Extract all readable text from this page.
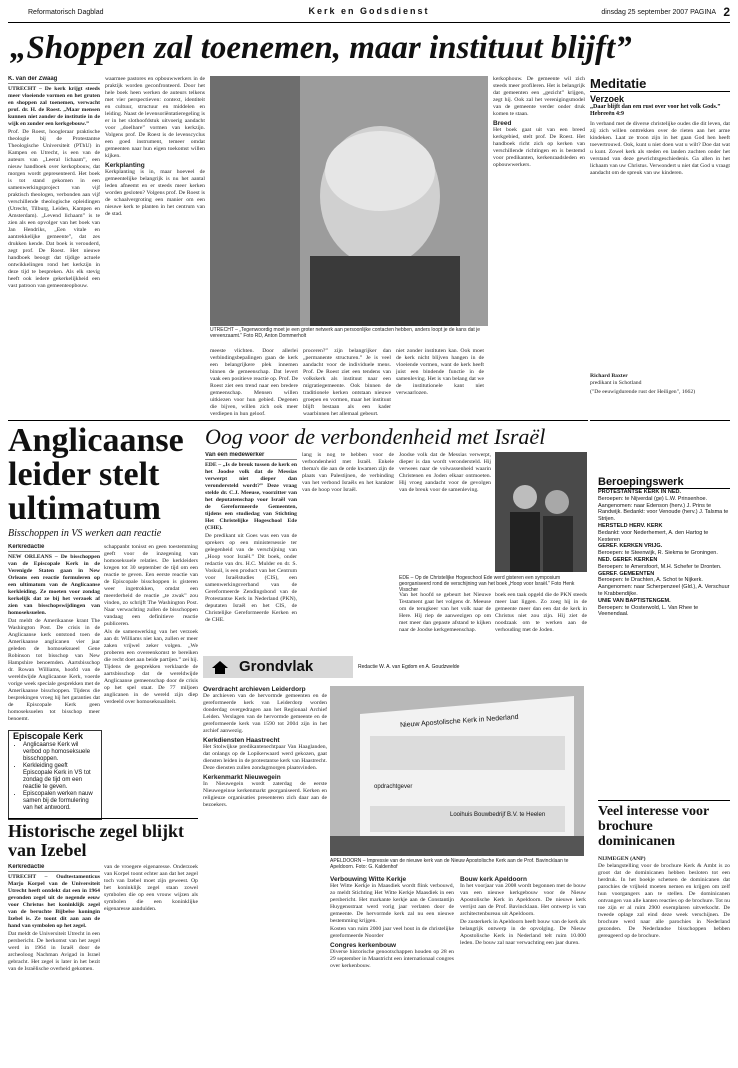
Reformatorisch Dagblad	Kerk en Godsdienst	dinsdag 25 september 2007 PAGINA 2
„Shoppen zal toenemen, maar instituut blijft”
K. van der Zwaag

UTRECHT – De kerk krijgt steeds meer vloeiende vormen en het gruten en shoppen zal toenemen, verwacht prof. dr. H. de Roest. „Maar mensen kunnen niet zonder de institutie in de wijk en zonder een kerkgebouw.”

Prof. De Roest, hoogleraar praktische theologie bij de Protestantse Theologische Universiteit (PThU) in Kampen en Utrecht, is een van de auteurs van „Leeral lichaam”, een nieuw handboek over kerkopbouw, dat morgen wordt gepresenteerd. Het boek is tot stand gekomen in een samenwerkingsproject van vijf praktisch theologen, verbonden aan vijf verschillende theologische opleidingen (Utrecht, Tilburg, Leiden, Kampen en Amsterdam). „Levend lichaam” is te zien als een opvolger van het boek van Jan Hendriks, „Een vitale en aantrekkelijke gemeente”, dat zes drukken kende. Dat boek is verouderd, zegt prof. De Roest. Het nieuwe handboek beoogt dat tijdige actuele ontwikkelingen rond het kerkzijn in deze tijd te bespreken. Als elk stevig heeft ook iedere gekerkelijkheid een vast patroon van gemeenteopbouw.

waarmee pastores en opbouwwerkers in de praktijk worden geconfronteerd. Door het hele boek heen werken de auteurs telkens met vier perspectieven: context, identiteit en cultuur, structuur en middelen en leiding. Naast de levensoriëntatieregeling is er in het slothoofdstuk uitvoerig aandacht voor „doelbare” vormen van kerkzijn. Volgens prof. De Roest is de levenscyclus een goed instrument, temeer omdat gemeenten naar hun eigen toekomst willen kijken.

Kerkplanting

Kerkplanting is in, maar hoeveel de gemeentelijke belangrijk is nu het aantal leden afneemt en er steeds meer kerken worden gesloten? Volgens prof. De Roest is de schaalvergroting een manier om een nieuwe kerk te planten in het centrum van de stad.

UTRECHT – „Tegenwoordig moet je een groter netwerk aan persoonlijke contacten hebben, anders loopt je de kans dat je vereenzaamt.” Foto RD, Anton Dommerholt

meeste vlichten. Door allerlei verbindingsbepalingen gaan de kerk een belangrijkere plek innemen binnen de gemeenschap. Dat levert vaak een positieve reactie op. Prof. De Roest ziet een trend naar een bredere gemeenschap. Mensen willen uitkiezen voor hun gebied. Degenen die bijven, willen zich ook meer verdiepen in hun geloof.

proceren?” zijn belangrijker dan „permanente structuren.” Je is veel aandacht voor de individuele mens. Prof. De Roest ziet een tendens van volkskerk als instituut naar een migratiegemeente. Ook binnen de traditionele kerken ontstaan nieuwe groepen en vormen, maar het instituut blijft bestaan als een kader waarbinnen het allemaal gebeurt.

niet zonder instituten kan. Ook moet de kerk nicht blijven hangen in de vloeiende vormen, want de kerk heeft juist een bindende functie in de samenleving. Het is van belang dat we de institutionele kant niet verwaarlozen.

kerkophouw. De gemeente wil zich steeds meer profileren. Het is belangrijk dat gemeenten een „gezicht” krijgen, zegt hij. Ook zal het verenigingsmodel van de gemeente verder onder druk komen te staan.

Breed

Het boek gaat uit van een breed kerkgebied, stelt prof. De Roest. Het handboek richt zich op kerken van verschillende richtingen en is bestemd voor predikanten, kerkenraadsleden en opbouwwerkers.

Meditatie
Verzoek
„Daar blijft dan een rust over voor het volk Gods.” Hebreeën 4:9
In verband met de diverse christelijke oudes die dit leven, dat zij zich willen onttrekken over de rieten aan het arme kindeken. Laat ze troon zijn in het gaan God hen heeft toevertrouwd. Ook, kunt u niet doen wat u wilt? Doe dat wat u kunt. Zowel kerk als steden en landen zuchten onder het verstand van deze gewrichtsgeschiedenis. Ga allen in het lichaam van uw Christus. Verwondert u niet dat God u vraagt aandacht om de spreuk van uw kinderen.
Richard Baxter
predikant in Schotland
("De eeuwigdurende rust der Heiligen", 1662)
Anglicaanse leider stelt ultimatum
Bisschoppen in VS werken aan reactie
Kerkredactie

NEW ORLEANS – De bisschoppen van de Episcopale Kerk in de Verenigde Staten gaan in New Orleans een reactie formuleren op een ultimatum van de Anglicaanse kerkleiding. Ze moeten voor zondag kerkelijk dat ze bij het verzoek af zien van bisschopswijdingen van homoseksuelen.

Dat meldt de Amerikaanse krant The Washington Post. De crisis in de Anglicaanse kerk ontstond toen de Amerikaanse anglicanen vier jaar geleden de homoseksueel Gene Robinson tot bisschop van New Hampshire benoemden. Aartsbisschop dr. Rowan Williams, hoofd van de wereldwijde Anglicaanse Kerk, voerde vorige week speciale gesprekken met de Amerikaanse bisschoppen. Tijdens die besprekingen vroeg hij het garanties dat de Episcopale Kerk geen homoseksuelen tot bisschop meer benoemt.

schappanbt tonisst en geen toestemming geeft voor de inzegening van homoseksuele relaties. De kerkleiders kregen tot 30 september de tijd om een reactie te geven. Een eerste reactie van de Episcopale bisschoppen is gisteren weer ingetrokken, omdat een meerderheid de reactie „te zwak” zou vinden, zo schrijft The Washington Post. Naar verwachting zullen de bisschoppen vandaag een definitieve reactie publiceren.

Als de samenwerking van het verzoek aan dr. Williams niet kan, zullen er meer zaken vrijwel zeker volgen. „We proberen een overeenkomst te bereiken die recht doet aan beide partijen.” zei hij. Tijdens de gesprekken verklaarde de aartsbisschop dat de wereldwijde Anglicaanse gemeenschap door de crisis op het spel staat. De 77 miljoen anglicanen in de wereld zijn diep verdeeld over homoseksualiteit.

Episcopale Kerk
• Anglicaanse Kerk wil verbod op homoseksuele bisschoppen.
• Kerkleiding geeft Episcopale Kerk in VS tot zondag de tijd om een reactie te geven.
• Episcopalen werken nauw samen bij de formulering van het antwoord.
Oog voor de verbondenheid met Israël
Van een medewerker

EDE – „Is de breuk tussen de kerk en het Joodse volk dat de Messias verwerpt niet dieper dan verondersteld wordt?” Deze vraag stelde dr. C.J. Meeuse, voorzitter van het deputatenschap voor Israël van de Gereformeerde Gemeenten, tijdens een studiedag van Stichting Het Christelijke Hogeschool Ede (CHE).

De predikant uit Goes was een van de sprekers op een ministersessie ter gelegenheid van de verschijning van „Hoop voor Israël.” Dit boek, onder redactie van drs. H.C. Mulder en dr. S. Voskuil, is een product van het Centrum voor Israëlstudies (CIS), een samenwerkingsverband van de Gereformeerde Zendingsbond van de Protestantse Kerk in Nederland (PKN), deputaten Israël en het CIS, de Christelijke Gereformeerde Kerken en de CHE.

lang is nog te hebben voor de verbondenheid met Israël. Enkele thema's die aan de orde kwamen zijn de plaats van Palestijnen, de verbinding van het verbond Israëls en het karakter van de hoop voor Israël.

Joodse volk dat de Messias verwerpt, dieper is dan wordt verondersteld. Hij verwees naar de volwassenheid waarin Christenen en Joden elkaar ontmoeten. Hij vroeg aandacht voor de gevolgen van de breuk voor de samenleving.

EDE – Op de Christelijke Hogeschool Ede werd gisteren een symposium georganiseerd rond de verschijning van het boek „Hoop voor Israël.” Foto Henk Visscher

Van het hoofd se gebeurt het Nieuwe Testament gaat het volgens dr. Meeuse om de terugkeer van het volk naar de Here. Hij riep de aanwezigen op om met meer dan gepaste afstand te kijken naar de Joodse kerkgemeenschap.

boek een taak opgeld die de PKN steeds meer laat liggen. Zo zoeg hij in de gemeente meer dan een dat de kerk in Christus niet zou zijn. Hij ziet de noodzaak om te werken aan de verhouding met de Joden.

Grondvlak	Redactie W. A. van Egdom en A. Goudzwelde
Overdracht archieven Leiderdorp

De archieven van de hervormde gemeenten en de gereformeerde kerk van Leiderdorp worden donderdag overgedragen aan het Regionaal Archief Leiden. Verslagen van de hervormde gemeente en de gereformeerde kerk van 1590 tot 2004 zijn in het archief aanwezig.

Kerkdiensten Haastrecht

Het Stolwijkse predikantenechtpaar Van Haaglanden, dat onlangs op de Lopikerwaard werd gekozen, gaat diensten leiden in de protestantse kerk van Haastrecht. Deze diensten zullen zondagmorgen plaatsvinden.

Kerkenmarkt Nieuwegein

In Nieuwegein wordt zaterdag de eerste Nieuwegeinse kerkenmarkt georganiseerd. Kerken en religieuze organisaties presenteren zich daar aan de bezoekers.

Nieuw Apostolische Kerk in Nederland
opdrachtgever
Looihuis Bouwbedrijf B.V. te Heelen
APELDOORN – Impressie van de nieuwe kerk van de Nieuw Apostolische Kerk aan de Prof. Bavincklaan te Apeldoorn. Foto: G. Kaldenhof
Verbouwing Witte Kerkje

Het Witte Kerkje in Maasdiek wordt flink verbouwd, zo meldt Stichting Het Witte Kerkje Maasdiek in een persbericht. Het markante kerkje aan de Constantijn Huygensstraat werd vorig jaar verlaten door de gemeente. De hervormde kerk zal nu een nieuwe bestemming krijgen.

Kosten van ruim 2000 jaar veel hout in de christelijke gereformeerde Noorder

Congres kerkenbouw

Diverse historische genootschappen houden op 28 en 29 september in Maastricht een internationaal congres over kerkenbouw.

Bouw kerk Apeldoorn

In het voorjaar van 2008 wordt begonnen met de bouw van een nieuwe kerkgebouw voor de Nieuw Apostolische Kerk in Apeldoorn. De nieuwe kerk verrijst aan de Prof. Bavincklaan. Het ontwerp is van architectenbureau uit Apeldoorn.

De zusterkerk in Apeldoorn heeft bouw van de kerk als belangrijk ontwerp in de opvolging. De Nieuw Apostolische Kerk in Nederland telt ruim 10.000 leden. De bouw zal naar verwachting een jaar duren.

Historische zegel blijkt van Izebel
Kerkredactie

UTRECHT – Oudtestamenticus Marjo Korpel van de Universiteit Utrecht heeft ontdekt dat een in 1964 gevonden zegel uit de negende eeuw voor Christus het koninklijk zegel van de beruchte Bijbelse koningin Izebel is. Ze toont dit aan aan de hand van symbolen op het zegel.

Dat meldt de Universiteit Utrecht in een persbericht. De herkomst van het zegel werd in 1964 in Israël door de archeoloog Nachman Avigad in Israel gebracht. Het zegel is later in het bezit van de Israëlische overheid gekomen.

van de vroegere eigenaresse. Onderzoek van Korpel toont echter aan dat het zegel toch van Izebel moet zijn geweest. Op het koninklijk zegel staan zowel symbolen die op een vrouw wijzen als symbolen die een koninklijke eigenaresse aanduiden.

Beroepingswerk
PROTESTANTSE KERK IN NED.
Beroepen: te Nijverdal (ge) L.W. Prinsenhoe. Aangenomen: naar Edenson (herv.) J. Prins te Randwijk. Bedankt: voor Venoude (herv.) J. Talsma te Strijen.
HERSTELD HERV. KERK
Bedankt: voor Nederhemert, A. den Hartog te Kesteren
GEREF. KERKEN VRIJG.
Beroepen: te Steenwijk, R. Siekma te Groningen.
NED. GEREF. KERKEN
Beroepen: te Amersfoort, M.H. Schefer te Dronten.
GEREF. GEMEENTEN
Beroepen: te Drachten, A. Schot te Nijkerk. Aangenomen: naar Scherpenzeel (Gld.), A. Verschuur te Krabbendijke.
UNIE VAN BAPTISTENGEM.
Beroepen: te Oosterwold, L. Van Rhee te Veenendaal.
Veel interesse voor brochure dominicanen
NIJMEGEN (ANP)

De belangstelling voor de brochure Kerk & Ambt is zo groot dat de dominicanen hebben besloten tot een herdruk. In het boekje schetsen de dominicanen dat parochies de vrijheid moeten nemen en krijgen om zelf hun voorgangers aan te stellen. De dominicanen ontvangen van alle kanten reacties op de brochure. Tot nu toe zijn er al ruim 2900 exemplaren uitverkocht. De tweede oplage zal eind deze week verschijnen. De brochure werd naar alle parochies in Nederland gezonden. De Nederlandse bisschoppen hebben gereageerd op de brochure.
